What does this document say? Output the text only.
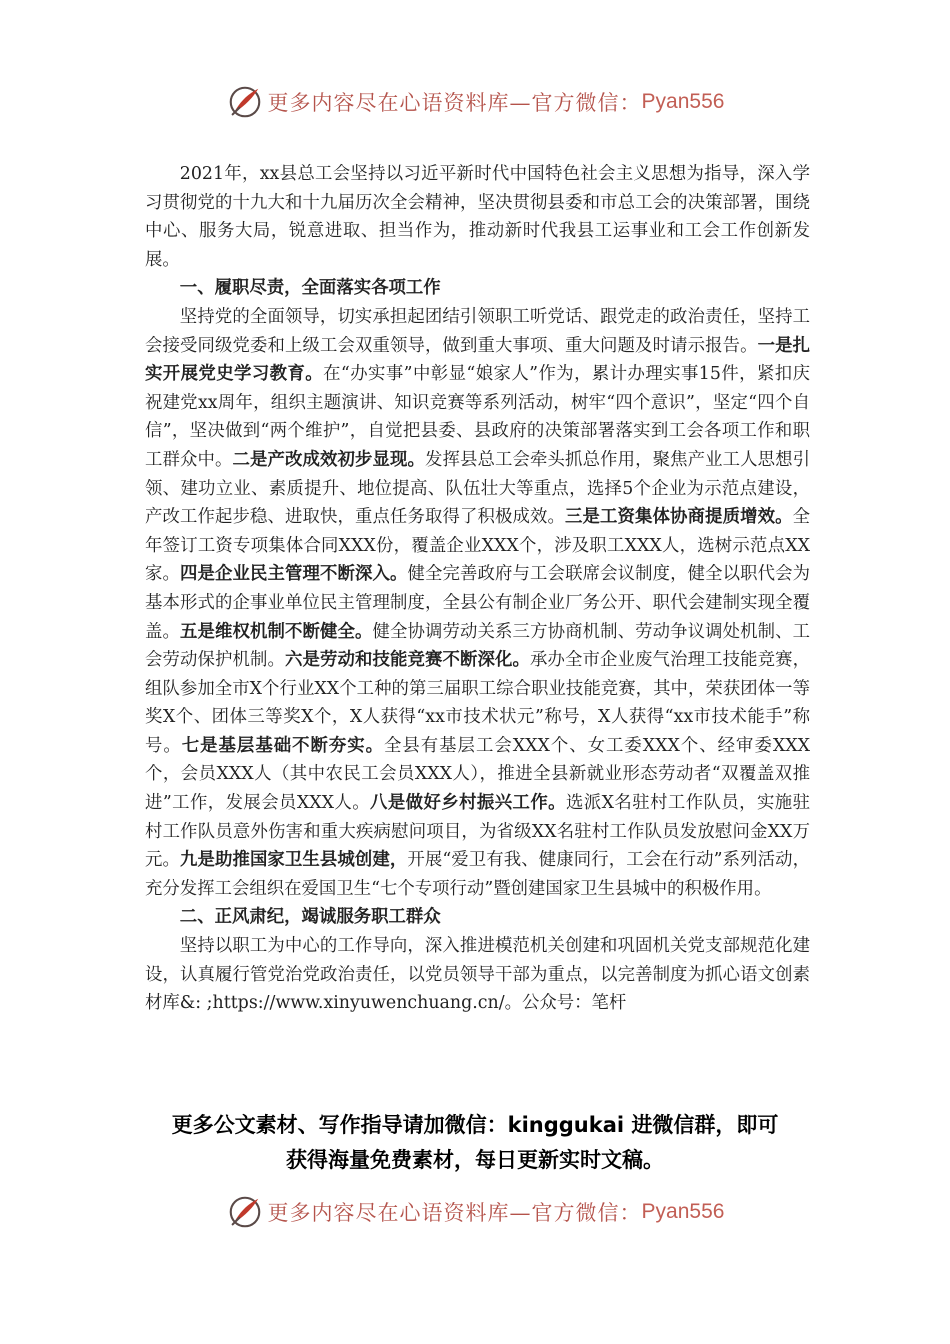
更多内容尽在心语资料库—官方微信： Pyan556

2021年，xx县总工会坚持以习近平新时代中国特色社会主义思想为指导，深入学习贯彻党的十九大和十九届历次全会精神，坚决贯彻县委和市总工会的决策部署，围绕中心、服务大局，锐意进取、担当作为，推动新时代我县工运事业和工会工作创新发展。

一、履职尽责，全面落实各项工作

坚持党的全面领导，切实承担起团结引领职工听党话、跟党走的政治责任，坚持工会接受同级党委和上级工会双重领导，做到重大事项、重大问题及时请示报告。一是扎实开展党史学习教育。在“办实事”中彰显“娘家人”作为，累计办理实事15件，紧扣庆祝建党xx周年，组织主题演讲、知识竞赛等系列活动，树牢“四个意识”，坚定“四个自信”，坚决做到“两个维护”，自觉把县委、县政府的决策部署落实到工会各项工作和职工群众中。二是产改成效初步显现。发挥县总工会牵头抓总作用，聚焦产业工人思想引领、建功立业、素质提升、地位提高、队伍壮大等重点，选择5个企业为示范点建设，产改工作起步稳、进取快，重点任务取得了积极成效。三是工资集体协商提质增效。全年签订工资专项集体合同XXX份，覆盖企业XXX个，涉及职工XXX人，选树示范点XX家。四是企业民主管理不断深入。健全完善政府与工会联席会议制度，健全以职代会为基本形式的企事业单位民主管理制度，全县公有制企业厂务公开、职代会建制实现全覆盖。五是维权机制不断健全。健全协调劳动关系三方协商机制、劳动争议调处机制、工会劳动保护机制。六是劳动和技能竞赛不断深化。承办全市企业废气治理工技能竞赛，组队参加全市X个行业XX个工种的第三届职工综合职业技能竞赛，其中，荣获团体一等奖X个、团体三等奖X个，X人获得“xx市技术状元”称号，X人获得“xx市技术能手”称号。七是基层基础不断夯实。全县有基层工会XXX个、女工委XXX个、经审委XXX个，会员XXX人（其中农民工会员XXX人），推进全县新就业形态劳动者“双覆盖双推进”工作，发展会员XXX人。八是做好乡村振兴工作。选派X名驻村工作队员，实施驻村工作队员意外伤害和重大疾病慰问项目，为省级XX名驻村工作队员发放慰问金XX万元。九是助推国家卫生县城创建，开展“爱卫有我、健康同行，工会在行动”系列活动，充分发挥工会组织在爱国卫生“七个专项行动”暨创建国家卫生县城中的积极作用。

二、正风肃纪，竭诚服务职工群众

坚持以职工为中心的工作导向，深入推进模范机关创建和巩固机关党支部规范化建设，认真履行管党治党政治责任，以党员领导干部为重点，以完善制度为抓心语文创素材库&: ;https://www.xinyuwenchuang.cn/。公众号：笔杆

更多公文素材、写作指导请加微信：kinggukai 进微信群，即可
获得海量免费素材，每日更新实时文稿。
更多内容尽在心语资料库—官方微信： Pyan556
